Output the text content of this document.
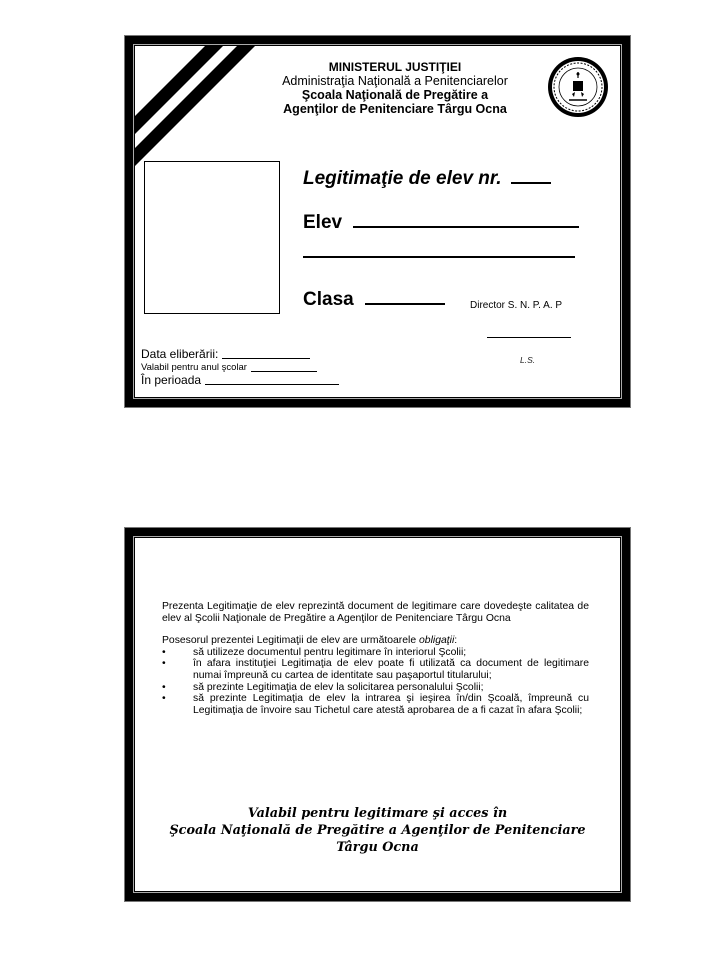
MINISTERUL JUSTIŢIEI
Administraţia Naţională a Penitenciarelor
Şcoala Naţională de Pregătire a
Agenţilor de Penitenciare Târgu Ocna
Legitimaţie de elev nr.
Elev
Clasa	Director S. N. P. A. P
L.S.
Data eliberării:
Valabil pentru anul şcolar
În perioada

Prezenta Legitimaţie de elev reprezintă document de legitimare care dovedeşte calitatea de elev al Şcolii Naţionale de Pregătire a Agenţilor de Penitenciare Târgu Ocna

Posesorul prezentei Legitimaţii de elev are următoarele obligaţii:

•	să utilizeze documentul pentru legitimare în interiorul Şcolii;
•	în afara instituţiei Legitimaţia de elev poate fi utilizată ca document de legitimare numai împreună cu cartea de identitate sau paşaportul titularului;
•	să prezinte Legitimaţia de elev la solicitarea personalului Şcolii;
•	să prezinte Legitimaţia de elev la intrarea şi ieşirea în/din Şcoală, împreună cu Legitimaţia de învoire sau Tichetul care atestă aprobarea de a fi cazat în afara Şcolii;
Valabil pentru legitimare şi acces în
Şcoala Naţională de Pregătire a Agenţilor de Penitenciare
Târgu Ocna
